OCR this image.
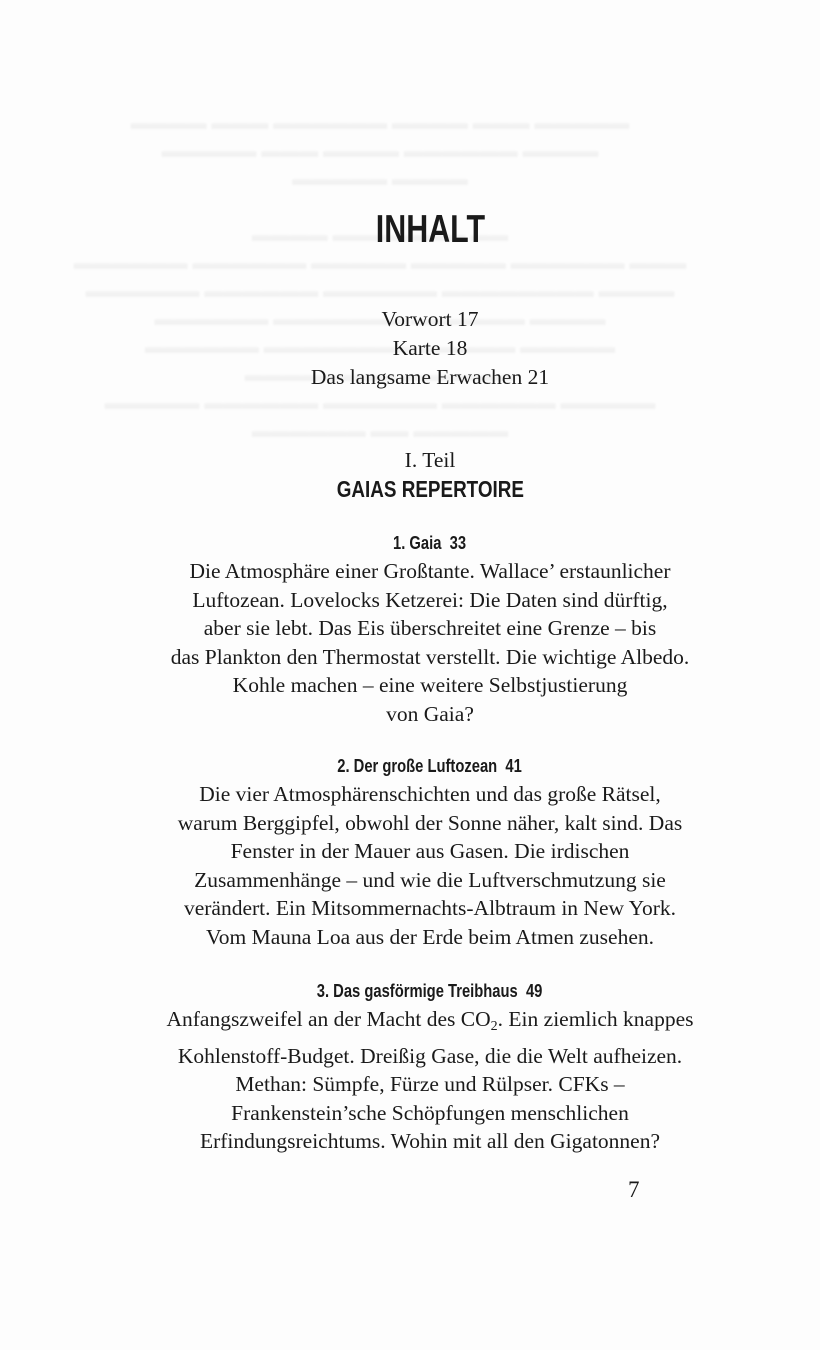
INHALT
Vorwort 17
Karte 18
Das langsame Erwachen 21
I. Teil
GAIAS REPERTOIRE
1. Gaia 33
Die Atmosphäre einer Großtante. Wallace’ erstaunlicher
Luftozean. Lovelocks Ketzerei: Die Daten sind dürftig,
aber sie lebt. Das Eis überschreitet eine Grenze – bis
das Plankton den Thermostat verstellt. Die wichtige Albedo.
Kohle machen – eine weitere Selbstjustierung
von Gaia?
2. Der große Luftozean 41
Die vier Atmosphärenschichten und das große Rätsel,
warum Berggipfel, obwohl der Sonne näher, kalt sind. Das
Fenster in der Mauer aus Gasen. Die irdischen
Zusammenhänge – und wie die Luftverschmutzung sie
verändert. Ein Mitsommernachts-Albtraum in New York.
Vom Mauna Loa aus der Erde beim Atmen zusehen.
3. Das gasförmige Treibhaus 49
Anfangszweifel an der Macht des $CO_2$. Ein ziemlich knappes
Kohlenstoff-Budget. Dreißig Gase, die die Welt aufheizen.
Methan: Sümpfe, Fürze und Rülpser. CFKs –
Frankenstein’sche Schöpfungen menschlichen
Erfindungsreichtums. Wohin mit all den Gigatonnen?
7
